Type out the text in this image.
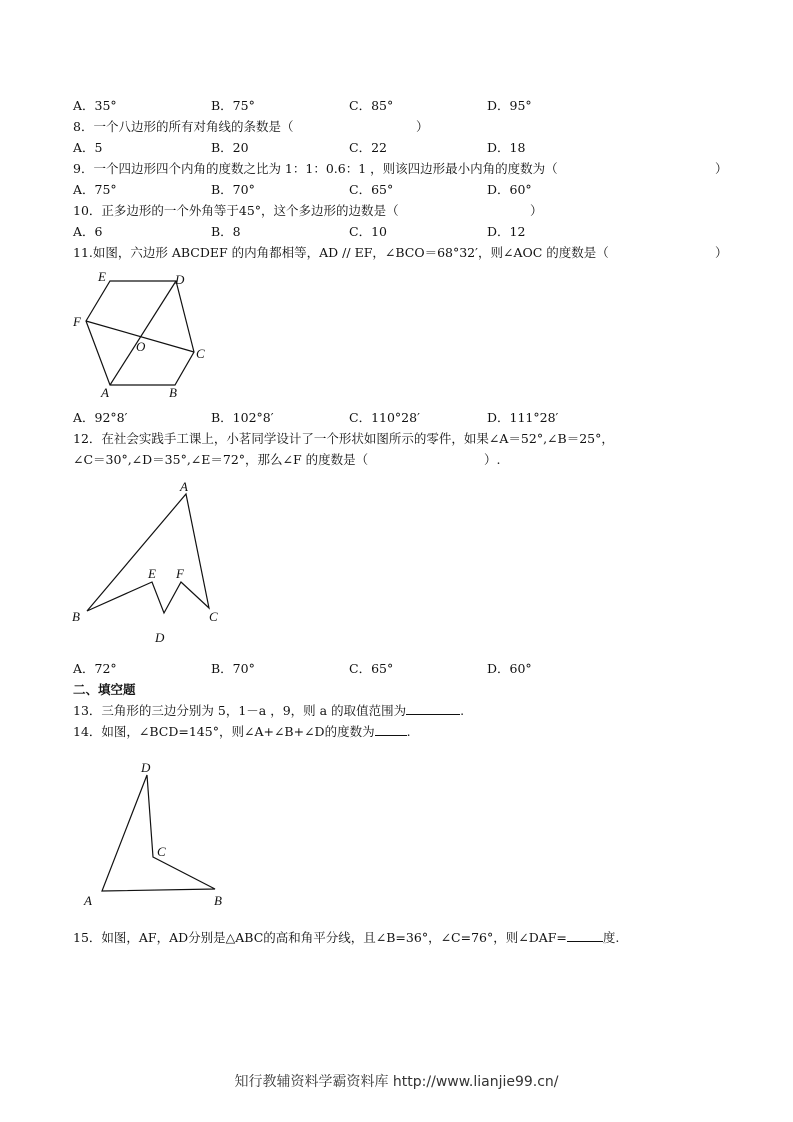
A．35°	B．75°	C．85°	D．95°
8．一个八边形的所有对角线的条数是（	）
A．5	B．20	C．22	D．18
9．一个四边形四个内角的度数之比为 1：1：0.6：1 ，则该四边形最小内角的度数为（	）
A．75°	B．70°	C．65°	D．60°
10．正多边形的一个外角等于45°，这个多边形的边数是（	）
A．6	B．8	C．10	D．12
11.如图，六边形 ABCDEF 的内角都相等，AD // EF，∠BCO＝68°32′，则∠AOC 的度数是（	）
E	D
F
O	C
A	B
A．92°8′	B．102°8′	C．110°28′	D．111°28′
12．在社会实践手工课上，小茗同学设计了一个形状如图所示的零件，如果∠A＝52°,∠B＝25°，
∠C＝30°,∠D＝35°,∠E＝72°，那么∠F 的度数是（	）.
A
E F
B	C
D
A．72°	B．70°	C．65°	D．60°
二、填空题
13．三角形的三边分别为 5，1－a ，9，则 a 的取值范围为	.
14．如图，∠BCD=145°，则∠A+∠B+∠D的度数为	.
D
C
A	B
15．如图，AF，AD分别是△ABC的高和角平分线，且∠B=36°，∠C=76°，则∠DAF=	度.
知行教辅资料学霸资料库 http://www.lianjie99.cn/
